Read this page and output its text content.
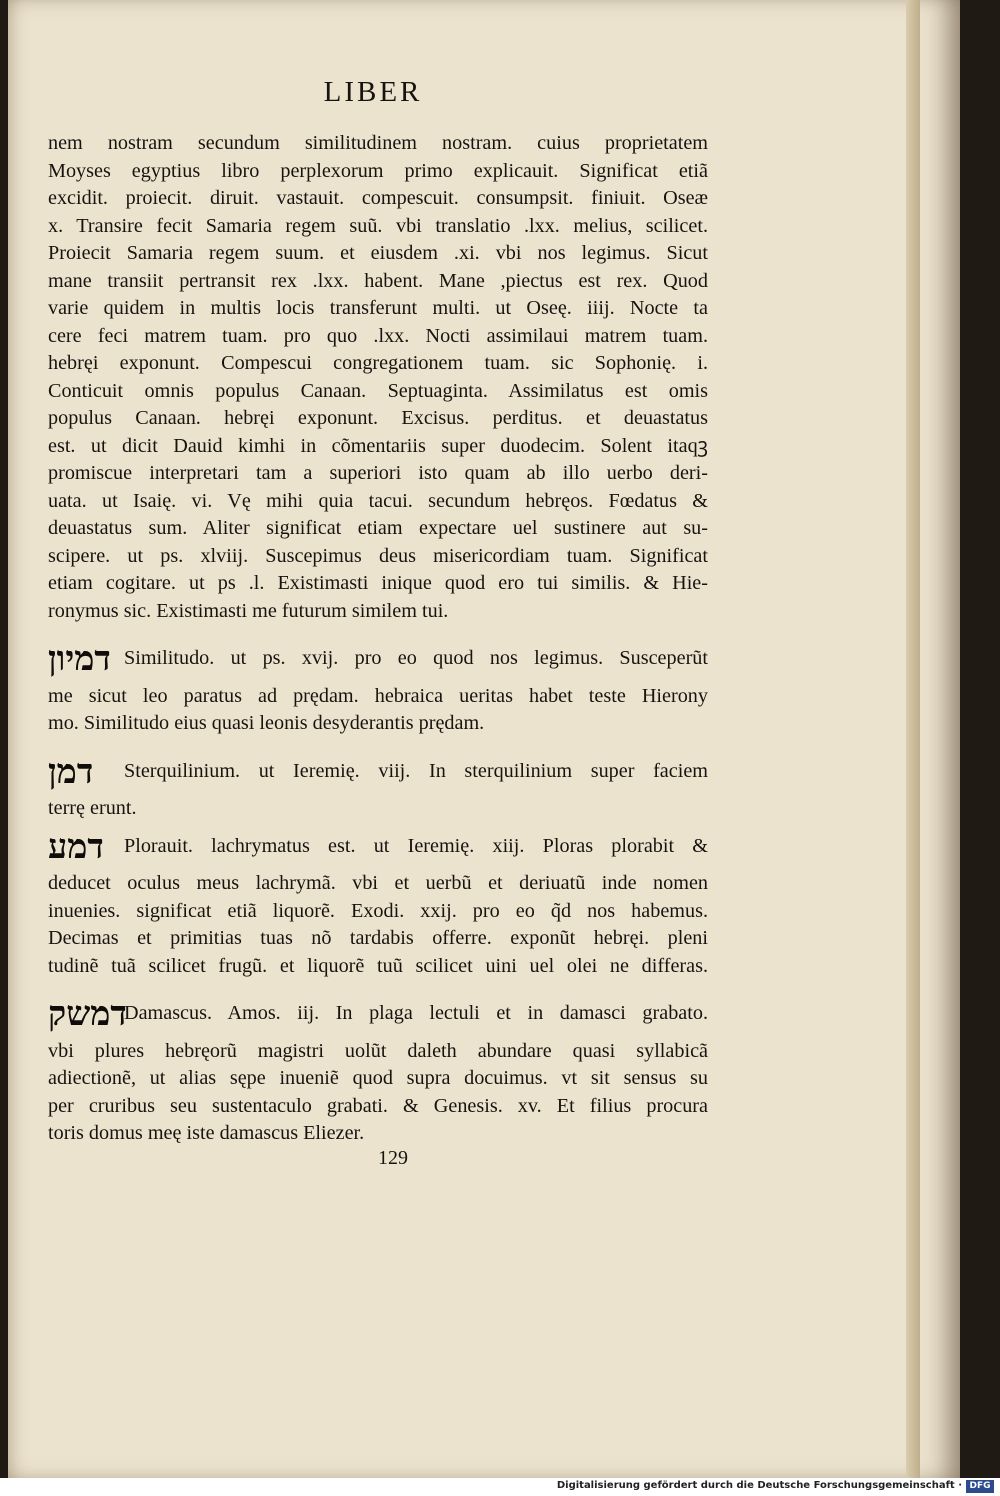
LIBER
nem nostram secundum similitudinem nostram. cuius proprietatem
Moyses egyptius libro perplexorum primo explicauit. Significat etiã
excidit. proiecit. diruit. vastauit. compescuit. consumpsit. finiuit. Oseæ
x. Transire fecit Samaria regem suũ. vbi translatio .lxx. melius, scilicet.
Proiecit Samaria regem suum. et eiusdem .xi. vbi nos legimus. Sicut
mane transiit pertransit rex .lxx. habent. Mane ,piectus est rex. Quod
varie quidem in multis locis transferunt multi. ut Oseę. iiij. Nocte ta
cere feci matrem tuam. pro quo .lxx. Nocti assimilaui matrem tuam.
hebręi exponunt. Compescui congregationem tuam. sic Sophonię. i.
Conticuit omnis populus Canaan. Septuaginta. Assimilatus est omis
populus Canaan. hebręi exponunt. Excisus. perditus. et deuastatus
est. ut dicit Dauid kimhi in cõmentariis super duodecim. Solent itaqꝫ
promiscue interpretari tam a superiori isto quam ab illo uerbo deri-
uata. ut Isaię. vi. Vę mihi quia tacui. secundum hebręos. Fœdatus &
deuastatus sum. Aliter significat etiam expectare uel sustinere aut su-
scipere. ut ps. xlviij. Suscepimus deus misericordiam tuam. Significat
etiam cogitare. ut ps .l. Existimasti inique quod ero tui similis. & Hie-
ronymus sic. Existimasti me futurum similem tui.
דמיון Similitudo. ut ps. xvij. pro eo quod nos legimus. Susceperũt
me sicut leo paratus ad prędam. hebraica ueritas habet teste Hierony
mo. Similitudo eius quasi leonis desyderantis prędam.
דמן	Sterquilinium. ut Ieremię. viij. In sterquilinium super faciem
terrę erunt.
דמע	Plorauit. lachrymatus est. ut Ieremię. xiij. Ploras plorabit &
deducet oculus meus lachrymã. vbi et uerbũ et deriuatũ inde nomen
inuenies. significat etiã liquorẽ. Exodi. xxij. pro eo q̃d nos habemus.
Decimas et primitias tuas nõ tardabis offerre. exponũt hebręi. pleni
tudinẽ tuã scilicet frugũ. et liquorẽ tuũ scilicet uini uel olei ne differas.
דמשק
Damascus. Amos. iij. In plaga lectuli et in damasci grabato.
vbi plures hebręorũ magistri uolũt daleth abundare quasi syllabicã
adiectionẽ, ut alias sępe inueniẽ quod supra docuimus. vt sit sensus su
per cruribus seu sustentaculo grabati. & Genesis. xv. Et filius procura
toris domus meę iste damascus Eliezer.
129
Digitalisierung gefördert durch die Deutsche Forschungsgemeinschaft · DFG
